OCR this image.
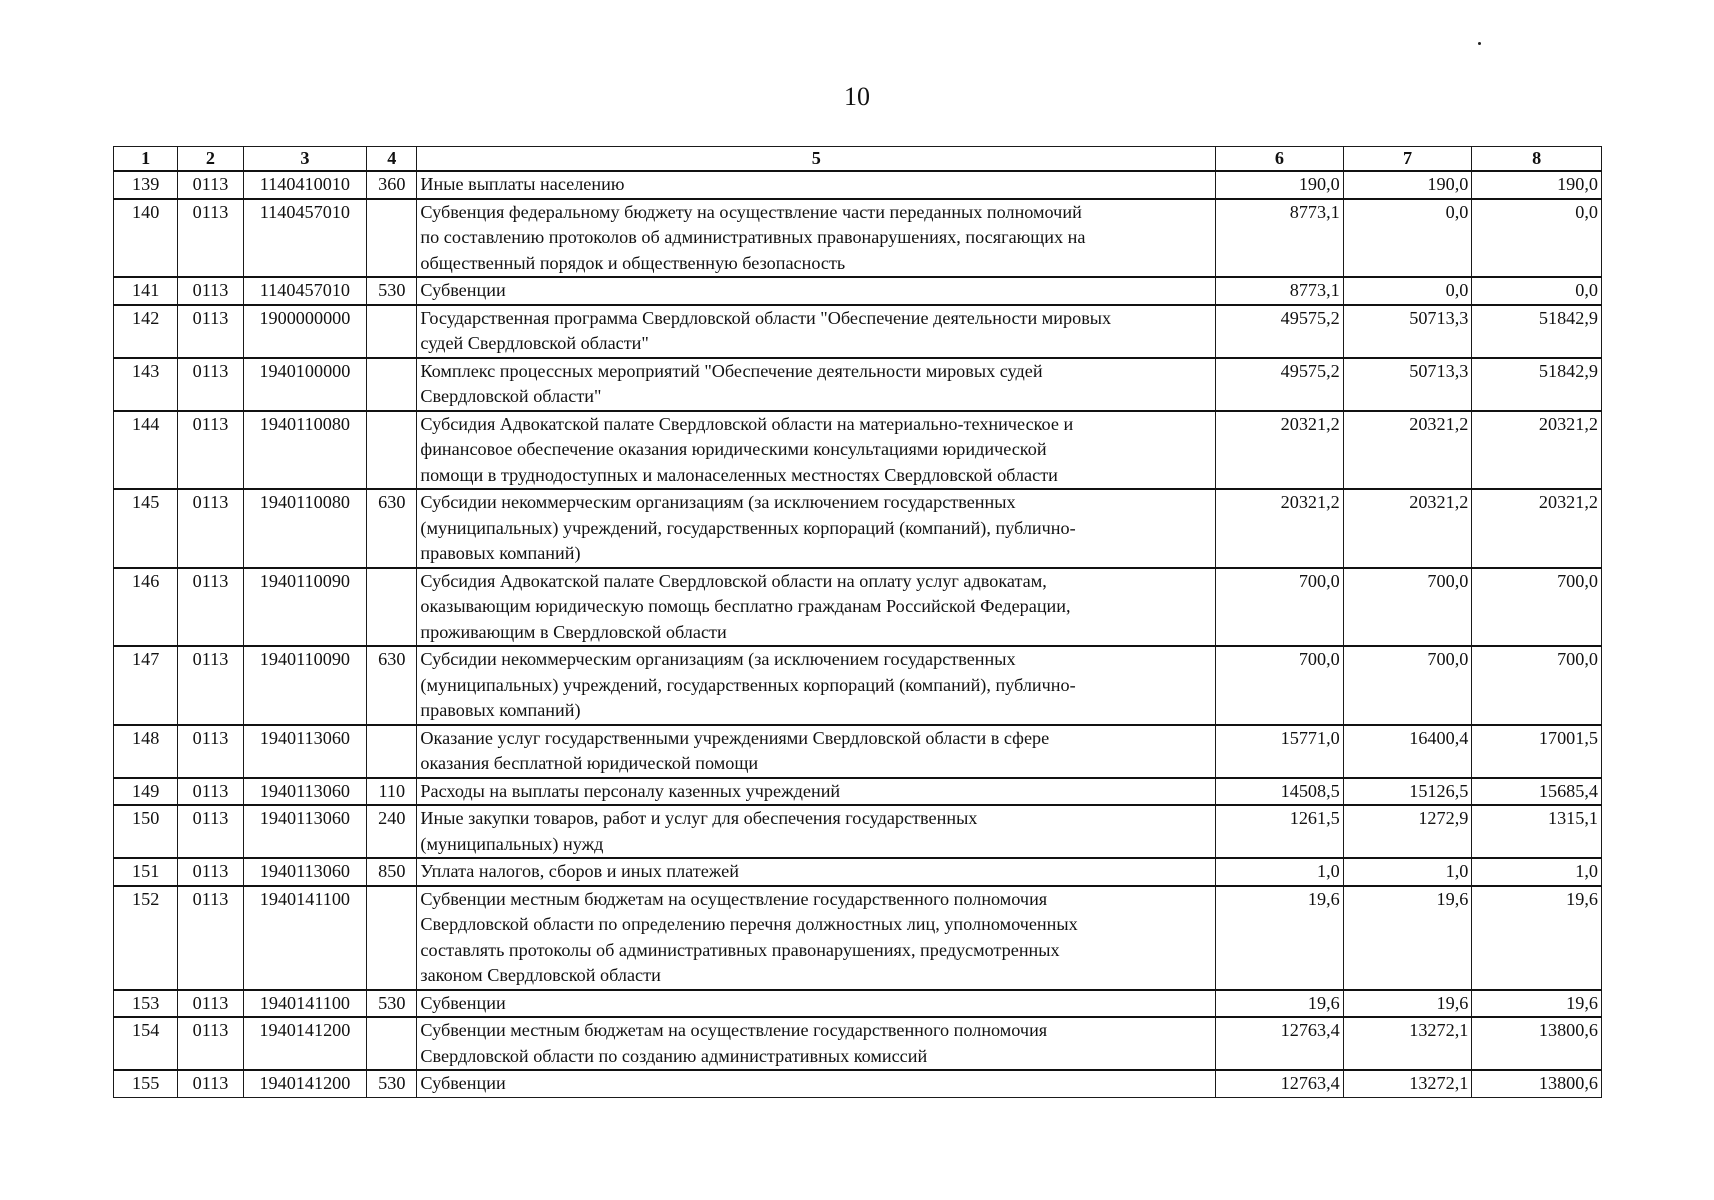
10
1	2	3	4	5	6	7	8
139	0113	1140410010	360	Иные выплаты населению	190,0	190,0	190,0
140	0113	1140457010		Субвенция федеральному бюджету на осуществление части переданных полномочий
по составлению протоколов об административных правонарушениях, посягающих на
общественный порядок и общественную безопасность	8773,1	0,0	0,0
141	0113	1140457010	530	Субвенции	8773,1	0,0	0,0
142	0113	1900000000		Государственная программа Свердловской области "Обеспечение деятельности мировых
судей Свердловской области"	49575,2	50713,3	51842,9
143	0113	1940100000		Комплекс процессных мероприятий "Обеспечение деятельности мировых судей
Свердловской области"	49575,2	50713,3	51842,9
144	0113	1940110080		Субсидия Адвокатской палате Свердловской области на материально-техническое и
финансовое обеспечение оказания юридическими консультациями юридической
помощи в труднодоступных и малонаселенных местностях Свердловской области	20321,2	20321,2	20321,2
145	0113	1940110080	630	Субсидии некоммерческим организациям (за исключением государственных
(муниципальных) учреждений, государственных корпораций (компаний), публично-
правовых компаний)	20321,2	20321,2	20321,2
146	0113	1940110090		Субсидия Адвокатской палате Свердловской области на оплату услуг адвокатам,
оказывающим юридическую помощь бесплатно гражданам Российской Федерации,
проживающим в Свердловской области	700,0	700,0	700,0
147	0113	1940110090	630	Субсидии некоммерческим организациям (за исключением государственных
(муниципальных) учреждений, государственных корпораций (компаний), публично-
правовых компаний)	700,0	700,0	700,0
148	0113	1940113060		Оказание услуг государственными учреждениями Свердловской области в сфере
оказания бесплатной юридической помощи	15771,0	16400,4	17001,5
149	0113	1940113060	110	Расходы на выплаты персоналу казенных учреждений	14508,5	15126,5	15685,4
150	0113	1940113060	240	Иные закупки товаров, работ и услуг для обеспечения государственных
(муниципальных) нужд	1261,5	1272,9	1315,1
151	0113	1940113060	850	Уплата налогов, сборов и иных платежей	1,0	1,0	1,0
152	0113	1940141100		Субвенции местным бюджетам на осуществление государственного полномочия
Свердловской области по определению перечня должностных лиц, уполномоченных
составлять протоколы об административных правонарушениях, предусмотренных
законом Свердловской области	19,6	19,6	19,6
153	0113	1940141100	530	Субвенции	19,6	19,6	19,6
154	0113	1940141200		Субвенции местным бюджетам на осуществление государственного полномочия
Свердловской области по созданию административных комиссий	12763,4	13272,1	13800,6
155	0113	1940141200	530	Субвенции	12763,4	13272,1	13800,6
